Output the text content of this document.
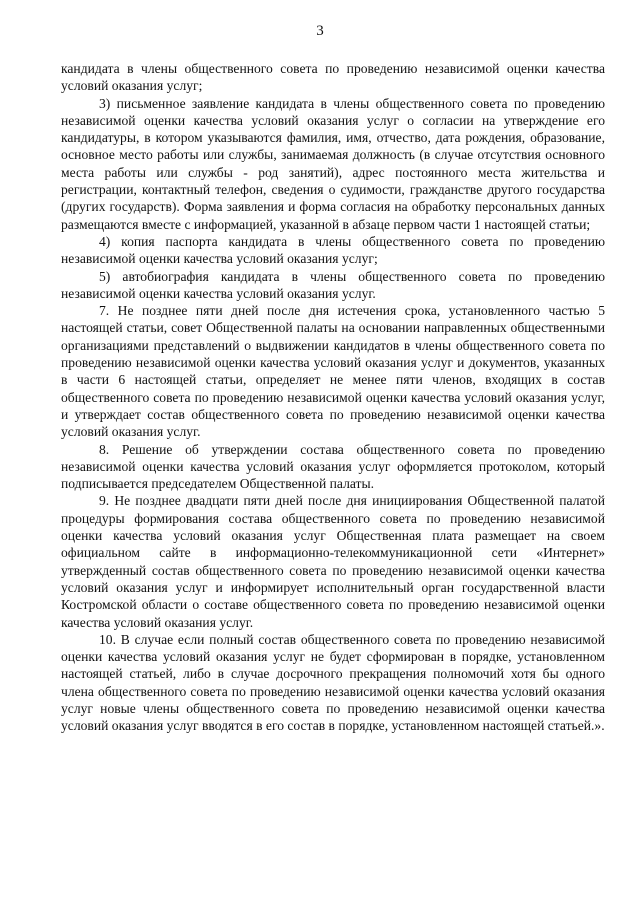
3

кандидата в члены общественного совета по проведению независимой оценки качества условий оказания услуг;

3) письменное заявление кандидата в члены общественного совета по проведению независимой оценки качества условий оказания услуг о согласии на утверждение его кандидатуры, в котором указываются фамилия, имя, отчество, дата рождения, образование, основное место работы или службы, занимаемая должность (в случае отсутствия основного места работы или службы - род занятий), адрес постоянного места жительства и регистрации, контактный телефон, сведения о судимости, гражданстве другого государства (других государств). Форма заявления и форма согласия на обработку персональных данных размещаются вместе с информацией, указанной в абзаце первом части 1 настоящей статьи;

4) копия паспорта кандидата в члены общественного совета по проведению независимой оценки качества условий оказания услуг;

5) автобиография кандидата в члены общественного совета по проведению независимой оценки качества условий оказания услуг.

7. Не позднее пяти дней после дня истечения срока, установленного частью 5 настоящей статьи, совет Общественной палаты на основании направленных общественными организациями представлений о выдвижении кандидатов в члены общественного совета по проведению независимой оценки качества условий оказания услуг и документов, указанных в части 6 настоящей статьи, определяет не менее пяти членов, входящих в состав общественного совета по проведению независимой оценки качества условий оказания услуг, и утверждает состав общественного совета по проведению независимой оценки качества условий оказания услуг.

8. Решение об утверждении состава общественного совета по проведению независимой оценки качества условий оказания услуг оформляется протоколом, который подписывается председателем Общественной палаты.

9. Не позднее двадцати пяти дней после дня инициирования Общественной палатой процедуры формирования состава общественного совета по проведению независимой оценки качества условий оказания услуг Общественная плата размещает на своем официальном сайте в информационно-телекоммуникационной сети «Интернет» утвержденный состав общественного совета по проведению независимой оценки качества условий оказания услуг и информирует исполнительный орган государственной власти Костромской области о составе общественного совета по проведению независимой оценки качества условий оказания услуг.

10. В случае если полный состав общественного совета по проведению независимой оценки качества условий оказания услуг не будет сформирован в порядке, установленном настоящей статьей, либо в случае досрочного прекращения полномочий хотя бы одного члена общественного совета по проведению независимой оценки качества условий оказания услуг новые члены общественного совета по проведению независимой оценки качества условий оказания услуг вводятся в его состав в порядке, установленном настоящей статьей.».
